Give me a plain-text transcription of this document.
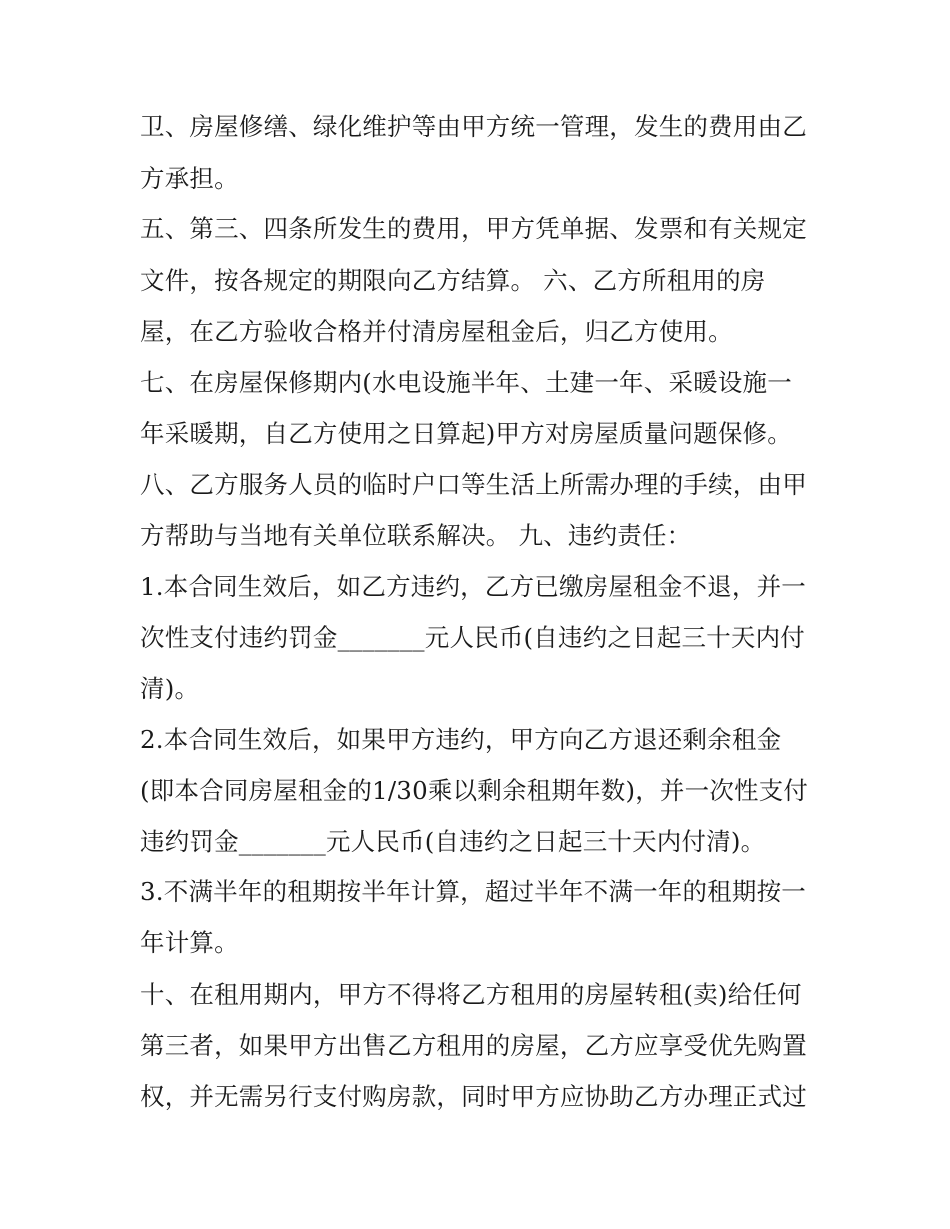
卫、房屋修缮、绿化维护等由甲方统一管理，发生的费用由乙
方承担。
五、第三、四条所发生的费用，甲方凭单据、发票和有关规定
文件，按各规定的期限向乙方结算。 六、乙方所租用的房
屋，在乙方验收合格并付清房屋租金后，归乙方使用。
七、在房屋保修期内(水电设施半年、土建一年、采暖设施一
年采暖期，自乙方使用之日算起)甲方对房屋质量问题保修。
八、乙方服务人员的临时户口等生活上所需办理的手续，由甲
方帮助与当地有关单位联系解决。 九、违约责任：
1.本合同生效后，如乙方违约，乙方已缴房屋租金不退，并一
次性支付违约罚金_______元人民币(自违约之日起三十天内付
清)。
2.本合同生效后，如果甲方违约，甲方向乙方退还剩余租金
(即本合同房屋租金的1/30乘以剩余租期年数)，并一次性支付
违约罚金_______元人民币(自违约之日起三十天内付清)。
3.不满半年的租期按半年计算，超过半年不满一年的租期按一
年计算。
十、在租用期内，甲方不得将乙方租用的房屋转租(卖)给任何
第三者，如果甲方出售乙方租用的房屋，乙方应享受优先购置
权，并无需另行支付购房款，同时甲方应协助乙方办理正式过
